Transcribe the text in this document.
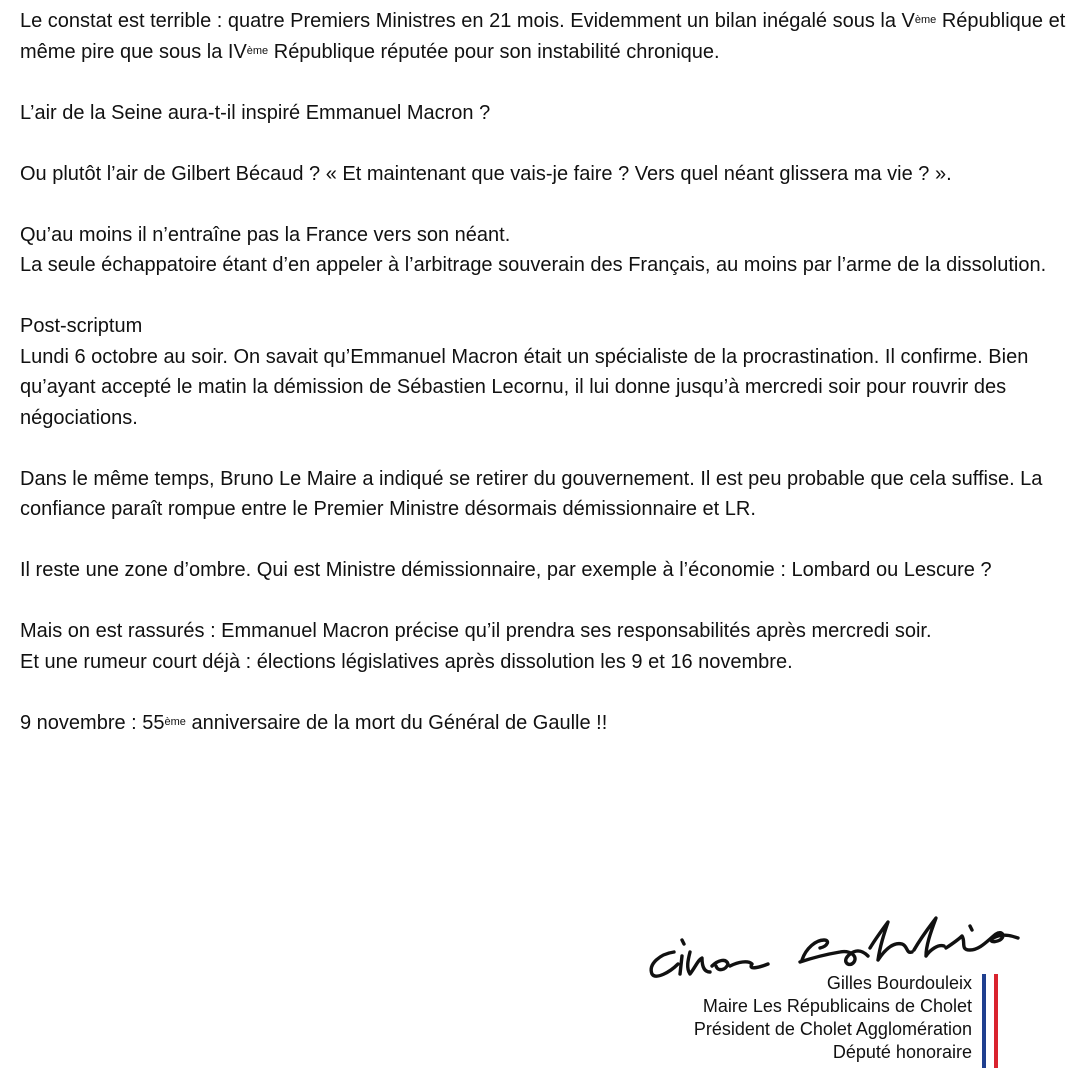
Le constat est terrible : quatre Premiers Ministres en 21 mois. Evidemment un bilan inégalé sous la Vème République et même pire que sous la IVème République réputée pour son instabilité chronique.

L’air de la Seine aura-t-il inspiré Emmanuel Macron ?

Ou plutôt l’air de Gilbert Bécaud ? « Et maintenant que vais-je faire ? Vers quel néant glissera ma vie ? ».

Qu’au moins il n’entraîne pas la France vers son néant.

La seule échappatoire étant d’en appeler à l’arbitrage souverain des Français, au moins par l’arme de la dissolution.

Post-scriptum

Lundi 6 octobre au soir. On savait qu’Emmanuel Macron était un spécialiste de la procrastination. Il confirme. Bien qu’ayant accepté le matin la démission de Sébastien Lecornu, il lui donne jusqu’à mercredi soir pour rouvrir des négociations.

Dans le même temps, Bruno Le Maire a indiqué se retirer du gouvernement. Il est peu probable que cela suffise. La confiance paraît rompue entre le Premier Ministre désormais démissionnaire et LR.

Il reste une zone d’ombre. Qui est Ministre démissionnaire, par exemple à l’économie : Lombard ou Lescure ?

Mais on est rassurés : Emmanuel Macron précise qu’il prendra ses responsabilités après mercredi soir.

Et une rumeur court déjà : élections législatives après dissolution les 9 et 16 novembre.

9 novembre : 55ème anniversaire de la mort du Général de Gaulle !!

Gilles Bourdouleix
Maire Les Républicains de Cholet
Président de Cholet Agglomération
Député honoraire
